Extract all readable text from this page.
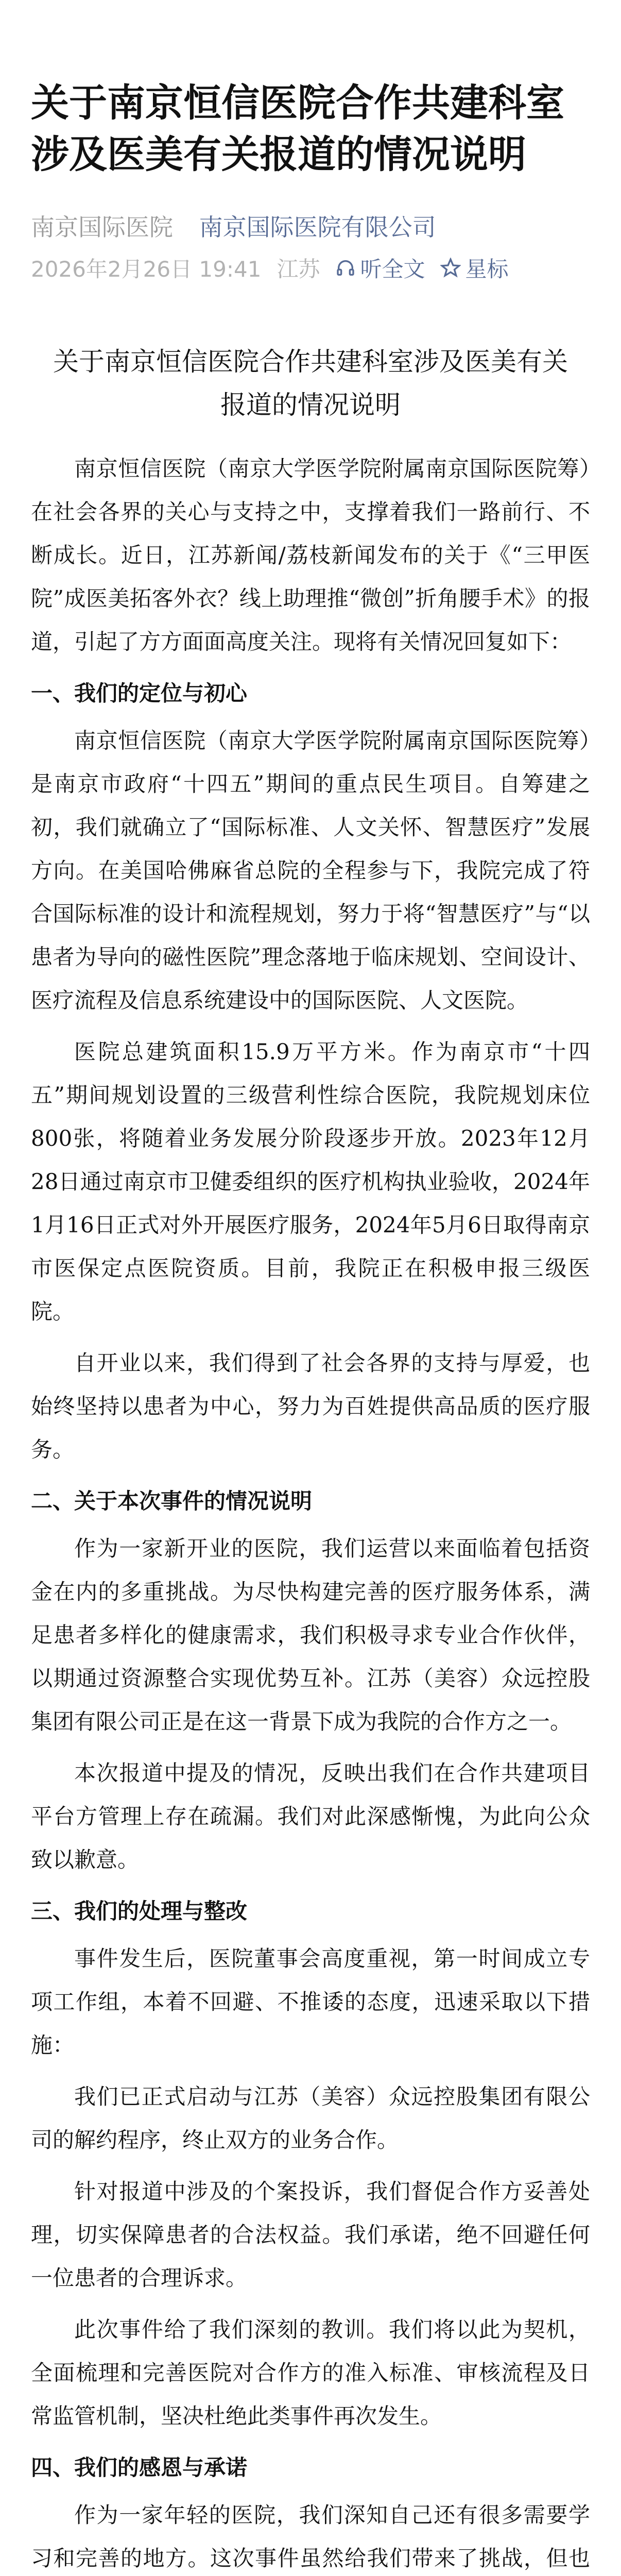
关于南京恒信医院合作共建科室涉及医美有关报道的情况说明
南京国际医院 南京国际医院有限公司
2026年2月26日 19:41 江苏 听全文 星标
关于南京恒信医院合作共建科室涉及医美有关报道的情况说明

南京恒信医院（南京大学医学院附属南京国际医院筹）在社会各界的关心与支持之中，支撑着我们一路前行、不断成长。近日，江苏新闻/荔枝新闻发布的关于《“三甲医院”成医美拓客外衣？线上助理推“微创”折角腰手术》的报道，引起了方方面面高度关注。现将有关情况回复如下：

一、我们的定位与初心

南京恒信医院（南京大学医学院附属南京国际医院筹）是南京市政府“十四五”期间的重点民生项目。自筹建之初，我们就确立了“国际标准、人文关怀、智慧医疗”发展方向。在美国哈佛麻省总院的全程参与下，我院完成了符合国际标准的设计和流程规划，努力于将“智慧医疗”与“以患者为导向的磁性医院”理念落地于临床规划、空间设计、医疗流程及信息系统建设中的国际医院、人文医院。

医院总建筑面积15.9万平方米。作为南京市“十四五”期间规划设置的三级营利性综合医院，我院规划床位800张，将随着业务发展分阶段逐步开放。2023年12月28日通过南京市卫健委组织的医疗机构执业验收，2024年1月16日正式对外开展医疗服务，2024年5月6日取得南京市医保定点医院资质。目前，我院正在积极申报三级医院。

自开业以来，我们得到了社会各界的支持与厚爱，也始终坚持以患者为中心，努力为百姓提供高品质的医疗服务。

二、关于本次事件的情况说明

作为一家新开业的医院，我们运营以来面临着包括资金在内的多重挑战。为尽快构建完善的医疗服务体系，满足患者多样化的健康需求，我们积极寻求专业合作伙伴，以期通过资源整合实现优势互补。江苏（美容）众远控股集团有限公司正是在这一背景下成为我院的合作方之一。

本次报道中提及的情况，反映出我们在合作共建项目平台方管理上存在疏漏。我们对此深感惭愧，为此向公众致以歉意。

三、我们的处理与整改

事件发生后，医院董事会高度重视，第一时间成立专项工作组，本着不回避、不推诿的态度，迅速采取以下措施：

我们已正式启动与江苏（美容）众远控股集团有限公司的解约程序，终止双方的业务合作。

针对报道中涉及的个案投诉，我们督促合作方妥善处理，切实保障患者的合法权益。我们承诺，绝不回避任何一位患者的合理诉求。

此次事件给了我们深刻的教训。我们将以此为契机，全面梳理和完善医院对合作方的准入标准、审核流程及日常监管机制，坚决杜绝此类事件再次发生。

四、我们的感恩与承诺

作为一家年轻的医院，我们深知自己还有很多需要学习和完善的地方。这次事件虽然给我们带来了挑战，但也
